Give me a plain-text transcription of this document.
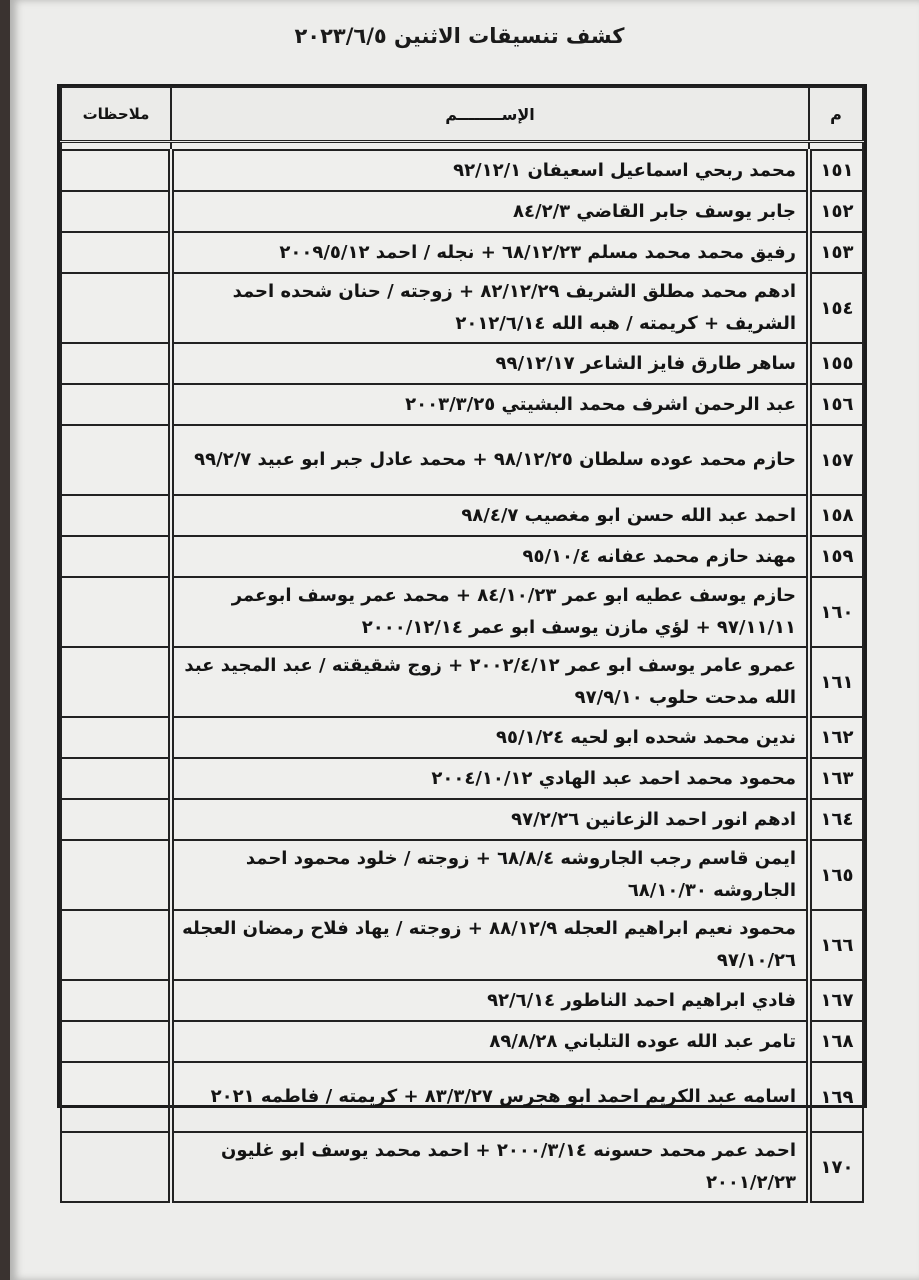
كشف تنسيقات الاثنين ٢٠٢٣/٦/٥
م	الإســــــــم	ملاحظات

١٥١	محمد ربحي اسماعيل اسعيفان ٩٢/١٢/١	
١٥٢	جابر يوسف جابر القاضي ٨٤/٢/٣	
١٥٣	رفيق محمد محمد مسلم ٦٨/١٢/٢٣ + نجله / احمد ٢٠٠٩/٥/١٢	
١٥٤	ادهم محمد مطلق الشريف ٨٢/١٢/٢٩ + زوجته / حنان شحده احمد الشريف + كريمته / هبه الله ٢٠١٢/٦/١٤	
١٥٥	ساهر طارق فايز الشاعر ٩٩/١٢/١٧	
١٥٦	عبد الرحمن اشرف محمد البشيتي ٢٠٠٣/٣/٢٥	
١٥٧	حازم محمد عوده سلطان ٩٨/١٢/٢٥ + محمد عادل جبر ابو عبيد ٩٩/٢/٧	
١٥٨	احمد عبد الله حسن ابو مغصيب ٩٨/٤/٧	
١٥٩	مهند حازم محمد عفانه ٩٥/١٠/٤	
١٦٠	حازم يوسف عطيه ابو عمر ٨٤/١٠/٢٣ + محمد عمر يوسف ابوعمر ٩٧/١١/١١ + لؤي مازن يوسف ابو عمر ٢٠٠٠/١٢/١٤	
١٦١	عمرو عامر يوسف ابو عمر ٢٠٠٢/٤/١٢ + زوج شقيقته / عبد المجيد عبد الله مدحت حلوب ٩٧/٩/١٠	
١٦٢	ندين محمد شحده ابو لحيه ٩٥/١/٢٤	
١٦٣	محمود محمد احمد عبد الهادي ٢٠٠٤/١٠/١٢	
١٦٤	ادهم انور احمد الزعانين ٩٧/٢/٢٦	
١٦٥	ايمن قاسم رجب الجاروشه ٦٨/٨/٤ + زوجته / خلود محمود احمد الجاروشه ٦٨/١٠/٣٠	
١٦٦	محمود نعيم ابراهيم العجله ٨٨/١٢/٩ + زوجته / يهاد فلاح رمضان العجله ٩٧/١٠/٢٦	
١٦٧	فادي ابراهيم احمد الناطور ٩٢/٦/١٤	
١٦٨	تامر عبد الله عوده التلباني ٨٩/٨/٢٨	
١٦٩	اسامه عبد الكريم احمد ابو هجرس ٨٣/٣/٢٧ + كريمته / فاطمه ٢٠٢١	
١٧٠	احمد عمر محمد حسونه ٢٠٠٠/٣/١٤ + احمد محمد يوسف ابو غليون ٢٠٠١/٢/٢٣	
